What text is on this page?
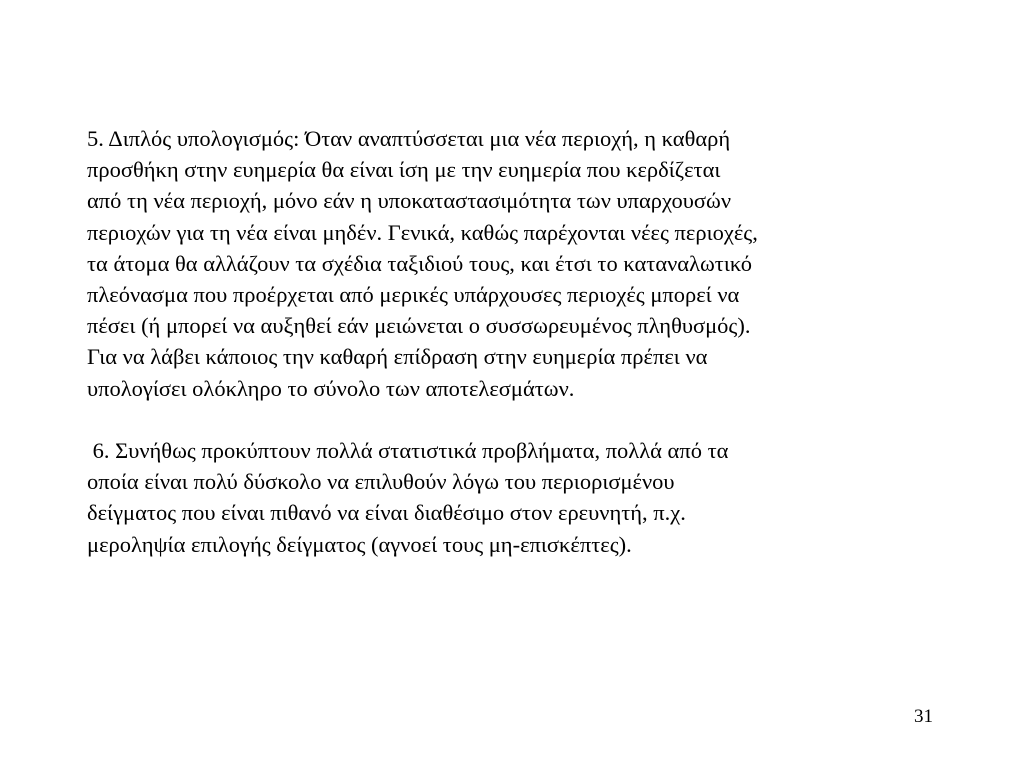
5. Διπλός υπολογισμός: Όταν αναπτύσσεται μια νέα περιοχή, η καθαρή

προσθήκη στην ευημερία θα είναι ίση με την ευημερία που κερδίζεται

από τη νέα περιοχή, μόνο εάν η υποκαταστασιμότητα των υπαρχουσών

περιοχών για τη νέα είναι μηδέν. Γενικά, καθώς παρέχονται νέες περιοχές,

τα άτομα θα αλλάζουν τα σχέδια ταξιδιού τους, και έτσι το καταναλωτικό

πλεόνασμα που προέρχεται από μερικές υπάρχουσες περιοχές μπορεί να

πέσει (ή μπορεί να αυξηθεί εάν μειώνεται ο συσσωρευμένος πληθυσμός).

Για να λάβει κάποιος την καθαρή επίδραση στην ευημερία πρέπει να

υπολογίσει ολόκληρο το σύνολο των αποτελεσμάτων.

6. Συνήθως προκύπτουν πολλά στατιστικά προβλήματα, πολλά από τα

οποία είναι πολύ δύσκολο να επιλυθούν λόγω του περιορισμένου

δείγματος που είναι πιθανό να είναι διαθέσιμο στον ερευνητή, π.χ.

μεροληψία επιλογής δείγματος (αγνοεί τους μη-επισκέπτες).

31
